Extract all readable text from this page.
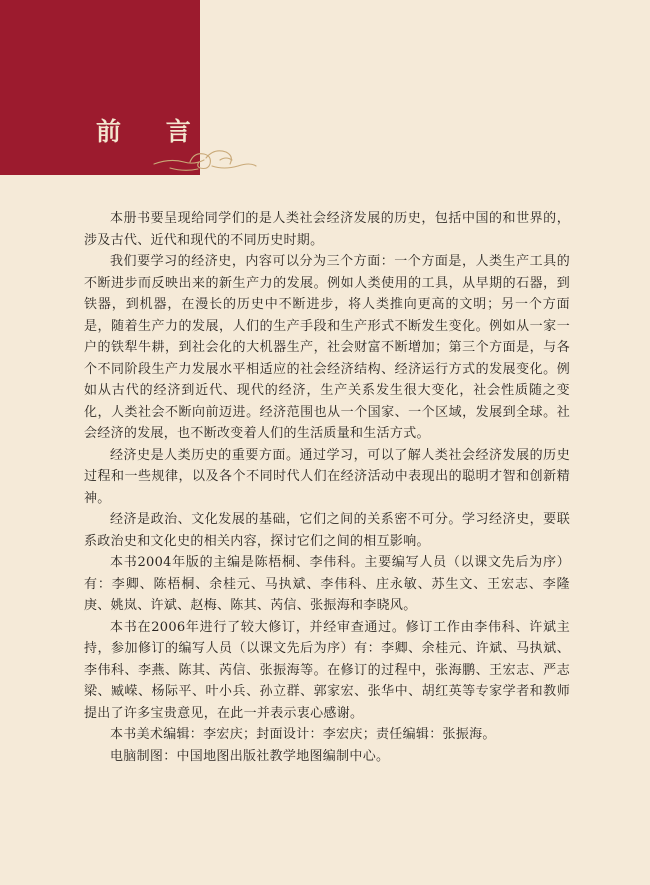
前 言

本册书要呈现给同学们的是人类社会经济发展的历史，包括中国的和世界的，涉及古代、近代和现代的不同历史时期。

我们要学习的经济史，内容可以分为三个方面：一个方面是，人类生产工具的不断进步而反映出来的新生产力的发展。例如人类使用的工具，从早期的石器，到铁器，到机器，在漫长的历史中不断进步，将人类推向更高的文明；另一个方面是，随着生产力的发展，人们的生产手段和生产形式不断发生变化。例如从一家一户的铁犁牛耕，到社会化的大机器生产，社会财富不断增加；第三个方面是，与各个不同阶段生产力发展水平相适应的社会经济结构、经济运行方式的发展变化。例如从古代的经济到近代、现代的经济，生产关系发生很大变化，社会性质随之变化，人类社会不断向前迈进。经济范围也从一个国家、一个区域，发展到全球。社会经济的发展，也不断改变着人们的生活质量和生活方式。

经济史是人类历史的重要方面。通过学习，可以了解人类社会经济发展的历史过程和一些规律，以及各个不同时代人们在经济活动中表现出的聪明才智和创新精神。

经济是政治、文化发展的基础，它们之间的关系密不可分。学习经济史，要联系政治史和文化史的相关内容，探讨它们之间的相互影响。

本书2004年版的主编是陈梧桐、李伟科。主要编写人员（以课文先后为序）有：李卿、陈梧桐、余桂元、马执斌、李伟科、庄永敏、苏生文、王宏志、李隆庚、姚岚、许斌、赵梅、陈其、芮信、张振海和李晓风。

本书在2006年进行了较大修订，并经审查通过。修订工作由李伟科、许斌主持，参加修订的编写人员（以课文先后为序）有：李卿、余桂元、许斌、马执斌、李伟科、李燕、陈其、芮信、张振海等。在修订的过程中，张海鹏、王宏志、严志梁、臧嵘、杨际平、叶小兵、孙立群、郭家宏、张华中、胡红英等专家学者和教师提出了许多宝贵意见，在此一并表示衷心感谢。

本书美术编辑：李宏庆；封面设计：李宏庆；责任编辑：张振海。

电脑制图：中国地图出版社教学地图编制中心。
